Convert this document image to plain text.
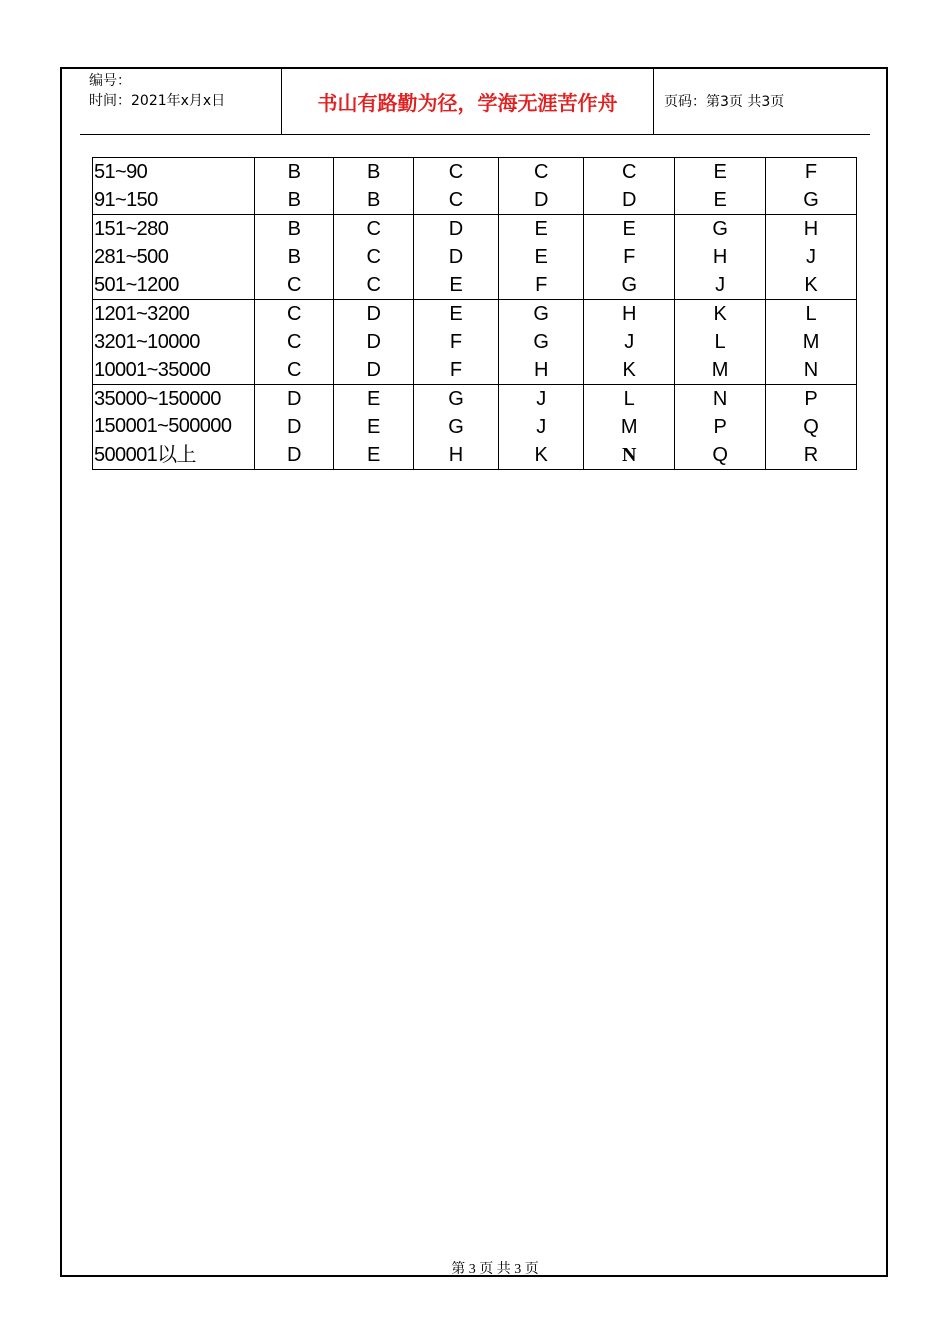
编号：
时间：2021年x月x日	书山有路勤为径，学海无涯苦作舟	页码：第3页 共3页
51~90	B	B	C	C	C	E	F
91~150	B	B	C	D	D	E	G
151~280	B	C	D	E	E	G	H
281~500	B	C	D	E	F	H	J
501~1200	C	C	E	F	G	J	K
1201~3200	C	D	E	G	H	K	L
3201~10000	C	D	F	G	J	L	M
10001~35000	C	D	F	H	K	M	N
35000~150000	D	E	G	J	L	N	P
150001~500000	D	E	G	J	M	P	Q
500001以上	D	E	H	K	N	Q	R
第 3 页 共 3 页
